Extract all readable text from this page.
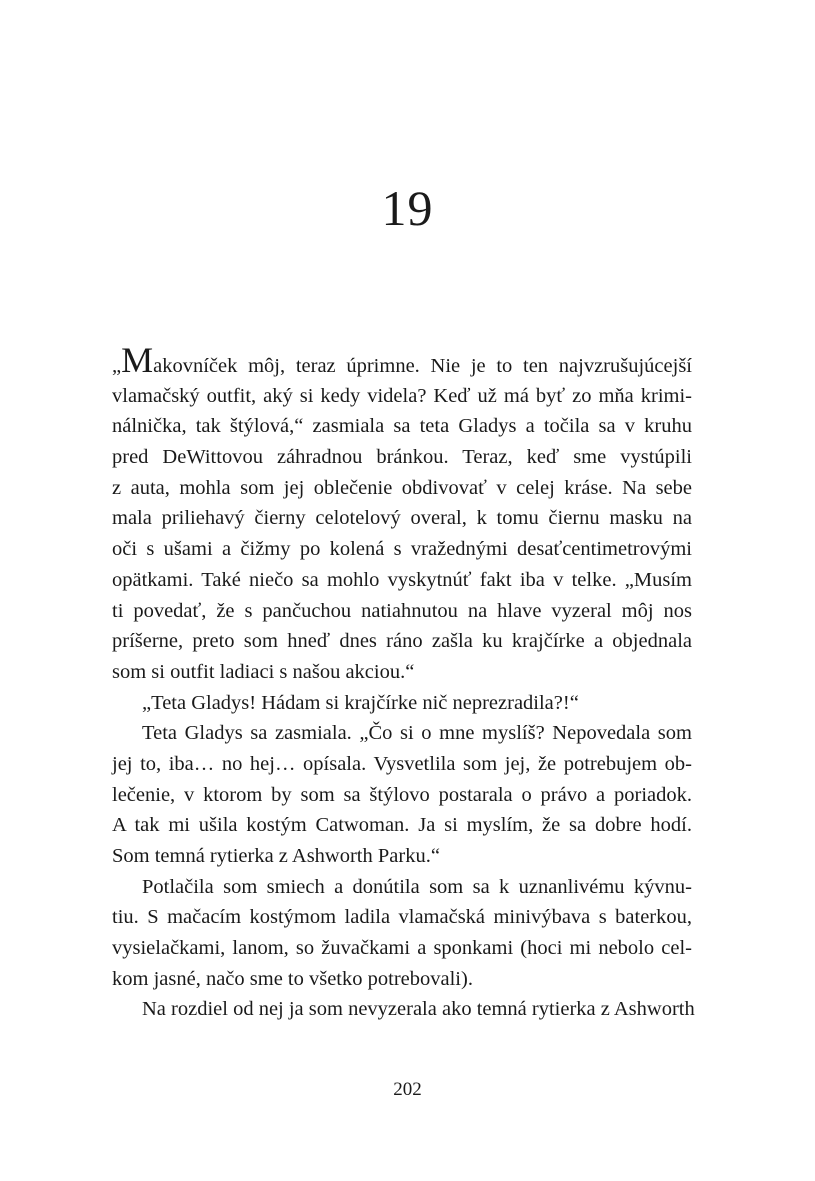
19
„Makovníček môj, teraz úprimne. Nie je to ten najvzrušujúcejší
vlamačský outfit, aký si kedy videla? Keď už má byť zo mňa krimi-
nálnička, tak štýlová,“ zasmiala sa teta Gladys a točila sa v kruhu
pred DeWittovou záhradnou bránkou. Teraz, keď sme vystúpili
z auta, mohla som jej oblečenie obdivovať v celej kráse. Na sebe
mala priliehavý čierny celotelový overal, k tomu čiernu masku na
oči s ušami a čižmy po kolená s vražednými desaťcentimetrovými
opätkami. Také niečo sa mohlo vyskytnúť fakt iba v telke. „Musím
ti povedať, že s pančuchou natiahnutou na hlave vyzeral môj nos
príšerne, preto som hneď dnes ráno zašla ku krajčírke a objednala
som si outfit ladiaci s našou akciou.“
„Teta Gladys! Hádam si krajčírke nič neprezradila?!“
Teta Gladys sa zasmiala. „Čo si o mne myslíš? Nepovedala som
jej to, iba… no hej… opísala. Vysvetlila som jej, že potrebujem ob-
lečenie, v ktorom by som sa štýlovo postarala o právo a poriadok.
A tak mi ušila kostým Catwoman. Ja si myslím, že sa dobre hodí.
Som temná rytierka z Ashworth Parku.“
Potlačila som smiech a donútila som sa k uznanlivému kývnu-
tiu. S mačacím kostýmom ladila vlamačská minivýbava s baterkou,
vysielačkami, lanom, so žuvačkami a sponkami (hoci mi nebolo cel-
kom jasné, načo sme to všetko potrebovali).
Na rozdiel od nej ja som nevyzerala ako temná rytierka z Ashworth
202
